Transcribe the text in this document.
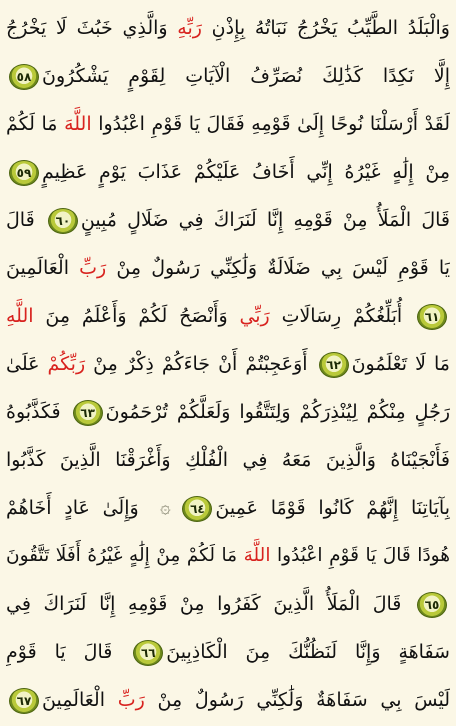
وَالْبَلَدُ الطَّيِّبُ يَخْرُجُ نَبَاتُهُ بِإِذْنِ رَبِّهِ وَالَّذِي خَبُثَ لَا يَخْرُجُ
إِلَّا نَكِدًا كَذَٰلِكَ نُصَرِّفُ الْآيَاتِ لِقَوْمٍ يَشْكُرُونَ٥٨
لَقَدْ أَرْسَلْنَا نُوحًا إِلَىٰ قَوْمِهِ فَقَالَ يَا قَوْمِ اعْبُدُوا اللَّهَ مَا لَكُمْ
مِنْ إِلَٰهٍ غَيْرُهُ إِنِّي أَخَافُ عَلَيْكُمْ عَذَابَ يَوْمٍ عَظِيمٍ٥٩
قَالَ الْمَلَأُ مِنْ قَوْمِهِ إِنَّا لَنَرَاكَ فِي ضَلَالٍ مُبِينٍ٦٠ قَالَ
يَا قَوْمِ لَيْسَ بِي ضَلَالَةٌ وَلَٰكِنِّي رَسُولٌ مِنْ رَبِّ الْعَالَمِينَ
٦١ أُبَلِّغُكُمْ رِسَالَاتِ رَبِّي وَأَنْصَحُ لَكُمْ وَأَعْلَمُ مِنَ اللَّهِ
مَا لَا تَعْلَمُونَ٦٢ أَوَعَجِبْتُمْ أَنْ جَاءَكُمْ ذِكْرٌ مِنْ رَبِّكُمْ عَلَىٰ
رَجُلٍ مِنْكُمْ لِيُنْذِرَكُمْ وَلِتَتَّقُوا وَلَعَلَّكُمْ تُرْحَمُونَ٦٣ فَكَذَّبُوهُ
فَأَنْجَيْنَاهُ وَالَّذِينَ مَعَهُ فِي الْفُلْكِ وَأَغْرَقْنَا الَّذِينَ كَذَّبُوا
بِآيَاتِنَا إِنَّهُمْ كَانُوا قَوْمًا عَمِينَ٦٤۞ وَإِلَىٰ عَادٍ أَخَاهُمْ
هُودًا قَالَ يَا قَوْمِ اعْبُدُوا اللَّهَ مَا لَكُمْ مِنْ إِلَٰهٍ غَيْرُهُ أَفَلَا تَتَّقُونَ
٦٥ قَالَ الْمَلَأُ الَّذِينَ كَفَرُوا مِنْ قَوْمِهِ إِنَّا لَنَرَاكَ فِي
سَفَاهَةٍ وَإِنَّا لَنَظُنُّكَ مِنَ الْكَاذِبِينَ٦٦ قَالَ يَا قَوْمِ
لَيْسَ بِي سَفَاهَةٌ وَلَٰكِنِّي رَسُولٌ مِنْ رَبِّ الْعَالَمِينَ٦٧
